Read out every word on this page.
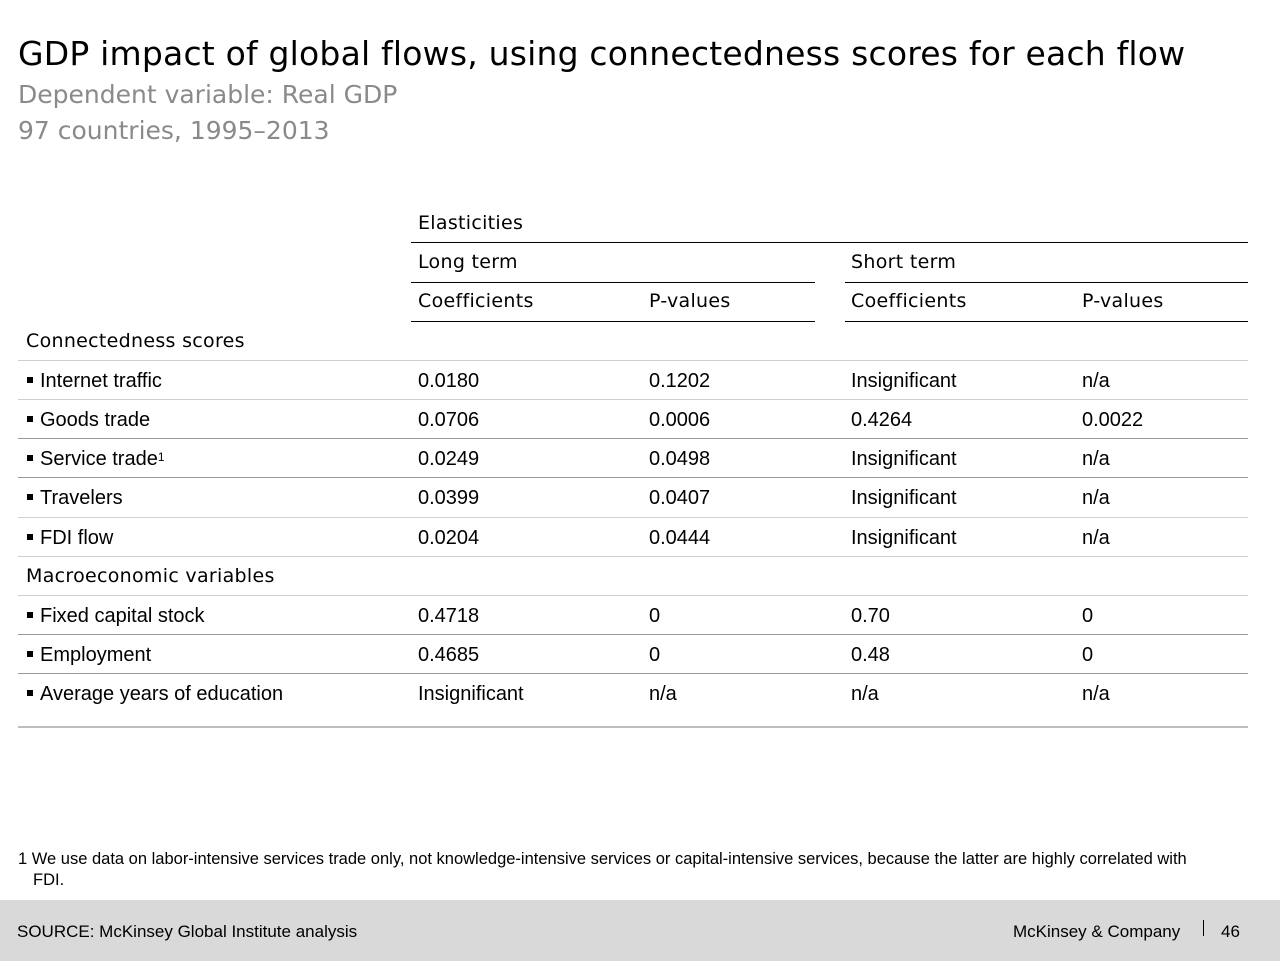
GDP impact of global flows, using connectedness scores for each flow
Dependent variable: Real GDP
97 countries, 1995–2013
Elasticities
Long term	Short term
Coefficients	P-values	Coefficients	P-values
Connectedness scores
Internet traffic	0.0180	0.1202	Insignificant	n/a
Goods trade	0.0706	0.0006	0.4264	0.0022
Service trade$^1$	0.0249	0.0498	Insignificant	n/a
Travelers	0.0399	0.0407	Insignificant	n/a
FDI flow	0.0204	0.0444	Insignificant	n/a
Macroeconomic variables
Fixed capital stock	0.4718	0	0.70	0
Employment	0.4685	0	0.48	0
Average years of education	Insignificant	n/a	n/a	n/a
1 We use data on labor-intensive services trade only, not knowledge-intensive services or capital-intensive services, because the latter are highly correlated with FDI.
SOURCE: McKinsey Global Institute analysis	McKinsey & Company 46
